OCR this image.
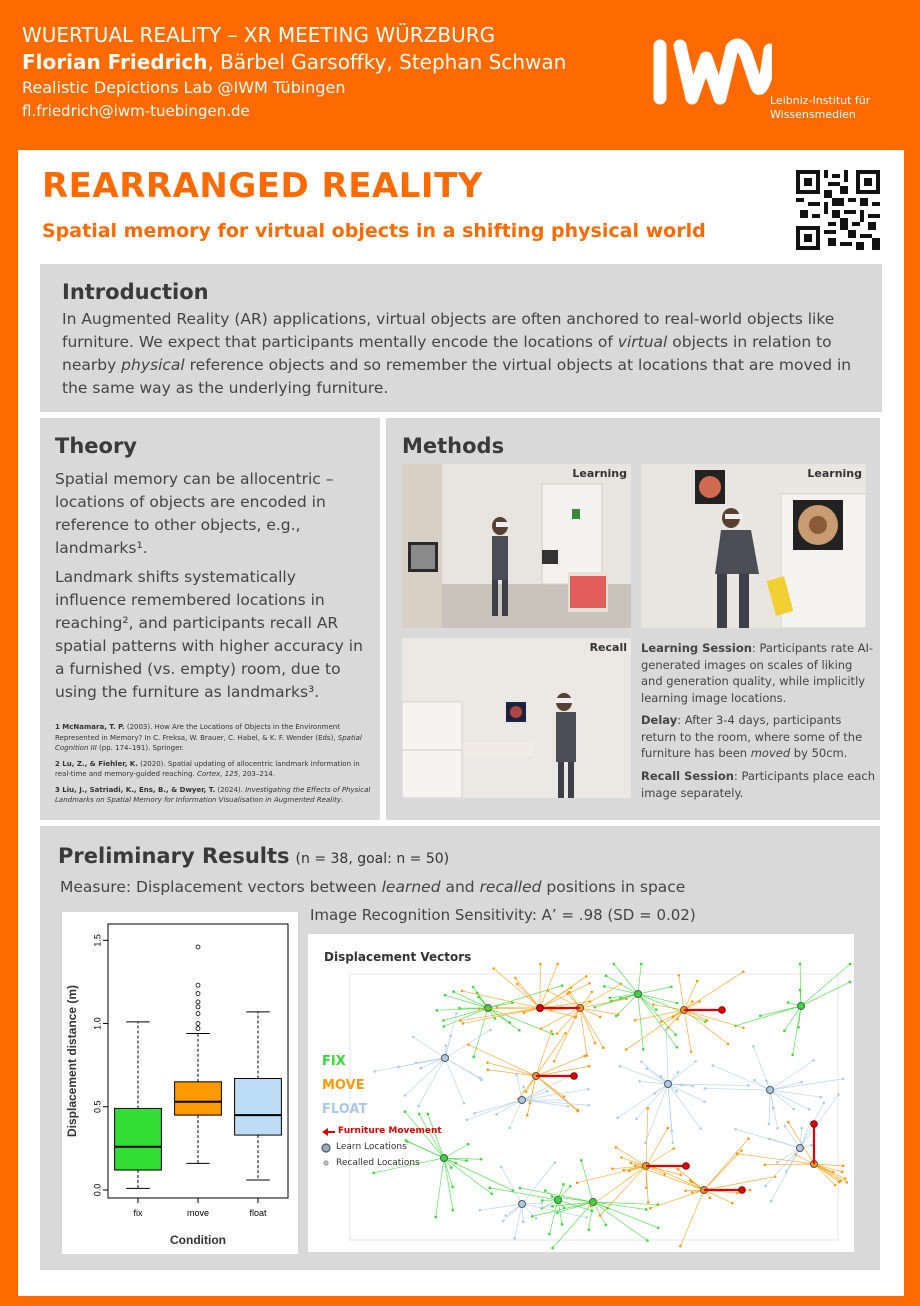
WUERTUAL REALITY – XR MEETING WÜRZBURG
Florian Friedrich, Bärbel Garsoffky, Stephan Schwan
Realistic Depictions Lab @IWM Tübingen
fl.friedrich@iwm-tuebingen.de
Leibniz-Institut für
Wissensmedien
REARRANGED REALITY
Spatial memory for virtual objects in a shifting physical world
Introduction

In Augmented Reality (AR) applications, virtual objects are often anchored to real-world objects like furniture. We expect that participants mentally encode the locations of virtual objects in relation to nearby physical reference objects and so remember the virtual objects at locations that are moved in the same way as the underlying furniture.

Theory

Spatial memory can be allocentric – locations of objects are encoded in reference to other objects, e.g., landmarks¹.

Landmark shifts systematically influence remembered locations in reaching², and participants recall AR spatial patterns with higher accuracy in a furnished (vs. empty) room, due to using the furniture as landmarks³.

1 McNamara, T. P. (2003). How Are the Locations of Objects in the Environment Represented in Memory? In C. Freksa, W. Brauer, C. Habel, & K. F. Wender (Eds), Spatial Cognition III (pp. 174–191). Springer.
2 Lu, Z., & Fiehler, K. (2020). Spatial updating of allocentric landmark information in real-time and memory-guided reaching. Cortex, 125, 203–214.
3 Liu, J., Satriadi, K., Ens, B., & Dwyer, T. (2024). Investigating the Effects of Physical Landmarks on Spatial Memory for Information Visualisation in Augmented Reality.
Methods
Learning	Learning
Recall Learning Session: Participants rate AI-generated images on scales of liking and generation quality, while implicitly learning image locations.

Delay: After 3-4 days, participants return to the room, where some of the furniture has been moved by 50cm.

Recall Session: Participants place each image separately.

Preliminary Results (n = 38, goal: n = 50)
Measure: Displacement vectors between learned and recalled positions in space
Image Recognition Sensitivity: A’ = .98 (SD = 0.02)
0.0
0.5
1.0
1.5
Displacement distance (m)
Condition
fix	move	float
Displacement Vectors
FIX
MOVE
FLOAT
Furniture Movement
Learn Locations
Recalled Locations
